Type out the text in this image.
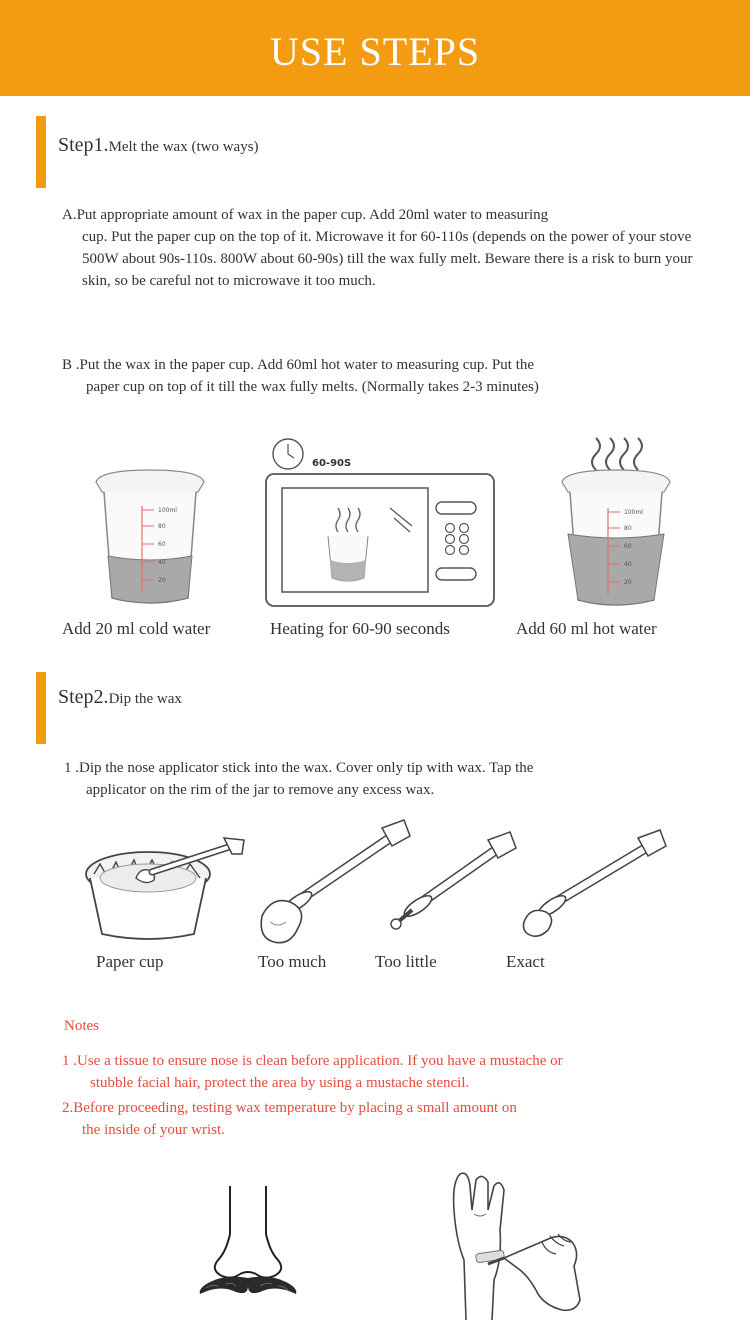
USE STEPS
Step1.Melt the wax (two ways)
A.Put appropriate amount of wax in the paper cup. Add 20ml water to measuring
cup. Put the paper cup on the top of it. Microwave it for 60-110s (depends on the power of your stove 500W about 90s-110s. 800W about 60-90s) till the wax fully melt. Beware there is a risk to burn your skin, so be careful not to microwave it too much.
B .Put the wax in the paper cup. Add 60ml hot water to measuring cup. Put the
paper cup on top of it till the wax fully melts. (Normally takes 2-3 minutes)
100ml
80
60
40
20
60-90S
100ml
80
60
40
20
Add 20 ml cold water	Heating for 60-90 seconds	Add 60 ml hot water
Step2.Dip the wax
1 .Dip the nose applicator stick into the wax. Cover only tip with wax. Tap the
applicator on the rim of the jar to remove any excess wax.
Paper cup	Too much	Too little	Exact
Notes
1 .Use a tissue to ensure nose is clean before application. If you have a mustache or
stubble facial hair, protect the area by using a mustache stencil.
2.Before proceeding, testing wax temperature by placing a small amount on
the inside of your wrist.
